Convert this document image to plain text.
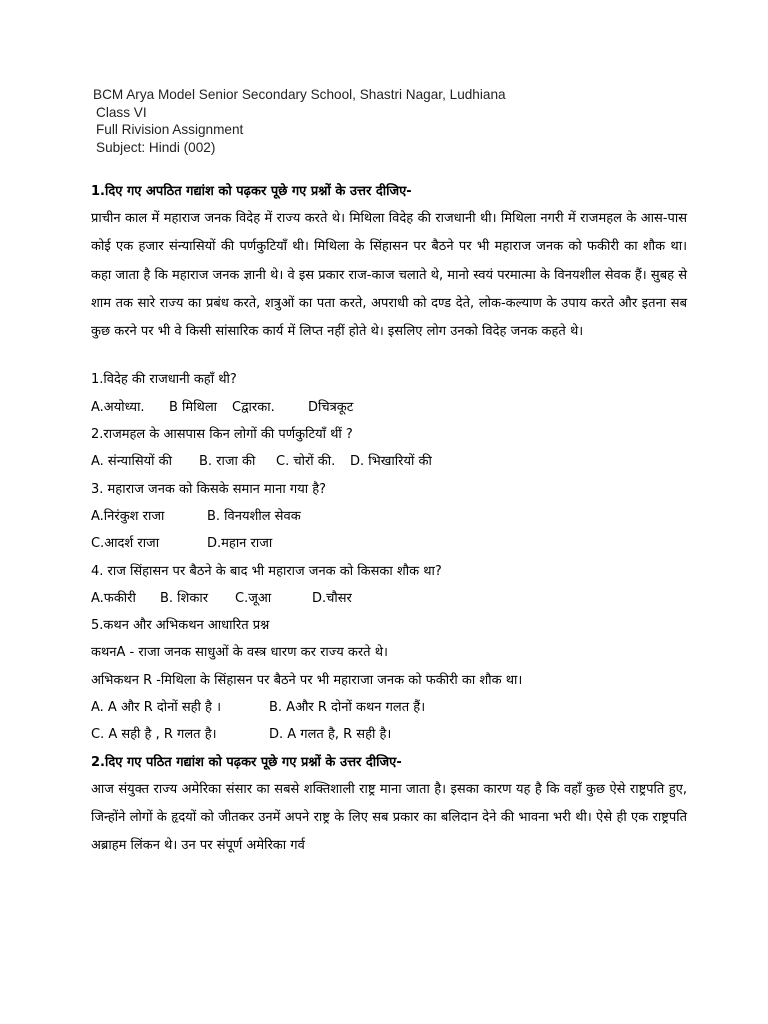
BCM Arya Model Senior Secondary School, Shastri Nagar, Ludhiana
Class VI
Full Rivision Assignment
Subject: Hindi (002)
1.दिए गए अपठित गद्यांश को पढ़कर पूछे गए प्रश्नों के उत्तर दीजिए-
प्राचीन काल में महाराज जनक विदेह में राज्य करते थे। मिथिला विदेह की राजधानी थी। मिथिला नगरी में राजमहल के आस-पास कोई एक हजार संन्यासियों की पर्णकुटियाँ थी। मिथिला के सिंहासन पर बैठने पर भी महाराज जनक को फकीरी का शौक था। कहा जाता है कि महाराज जनक ज्ञानी थे। वे इस प्रकार राज-काज चलाते थे, मानो स्वयं परमात्मा के विनयशील सेवक हैं। सुबह से शाम तक सारे राज्य का प्रबंध करते, शत्रुओं का पता करते, अपराधी को दण्ड देते, लोक-कल्याण के उपाय करते और इतना सब कुछ करने पर भी वे किसी सांसारिक कार्य में लिप्त नहीं होते थे। इसलिए लोग उनको विदेह जनक कहते थे।
1.विदेह की राजधानी कहाँ थी?
A.अयोध्या. B मिथिला Cद्वारका.	Dचित्रकूट
2.राजमहल के आसपास किन लोगों की पर्णकुटियाँ थीं ?
A. संन्यासियों की B. राजा की C. चोरों की. D. भिखारियों की
3. महाराज जनक को किसके समान माना गया है?
A.निरंकुश राजा	B. विनयशील सेवक
C.आदर्श राजा	D.महान राजा
4. राज सिंहासन पर बैठने के बाद भी महाराज जनक को किसका शौक था?
A.फकीरी B. शिकार C.जूआ	D.चौसर
5.कथन और अभिकथन आधारित प्रश्न
कथनA - राजा जनक साधुओं के वस्त्र धारण कर राज्य करते थे।
अभिकथन R -मिथिला के सिंहासन पर बैठने पर भी महाराजा जनक को फकीरी का शौक था।
A. A और R दोनों सही है ।	B. Aऔर R दोनों कथन गलत हैं।
C. A सही है , R गलत है।	D. A गलत है, R सही है।
2.दिए गए पठित गद्यांश को पढ़कर पूछे गए प्रश्नों के उत्तर दीजिए-
आज संयुक्त राज्य अमेरिका संसार का सबसे शक्तिशाली राष्ट्र माना जाता है। इसका कारण यह है कि वहाँ कुछ ऐसे राष्ट्रपति हुए, जिन्होंने लोगों के हृदयों को जीतकर उनमें अपने राष्ट्र के लिए सब प्रकार का बलिदान देने की भावना भरी थी। ऐसे ही एक राष्ट्रपति अब्राहम लिंकन थे। उन पर संपूर्ण अमेरिका गर्व
